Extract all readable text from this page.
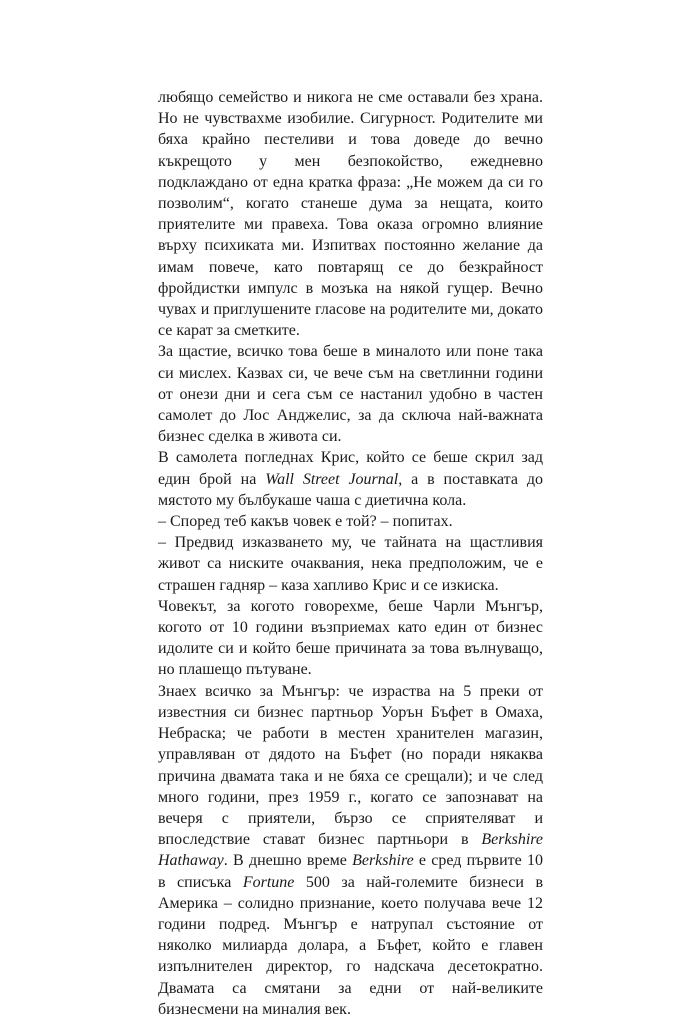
любящо семейство и никога не сме оставали без храна. Но не чувствахме изобилие. Сигурност. Родителите ми бяха крайно пестеливи и това доведе до вечно къкрещото у мен безпокойство, ежедневно подклаждано от една кратка фраза: „Не можем да си го позволим“, когато станеше дума за нещата, които приятелите ми правеха. Това оказа огромно влияние върху психиката ми. Изпитвах постоянно желание да имам повече, като повтарящ се до безкрайност фройдистки импулс в мозъка на някой гущер. Вечно чувах и приглушените гласове на родителите ми, докато се карат за сметките.

За щастие, всичко това беше в миналото или поне така си мислех. Казвах си, че вече съм на светлинни години от онези дни и сега съм се настанил удобно в частен самолет до Лос Анджелис, за да сключа най-важната бизнес сделка в живота си.

В самолета погледнах Крис, който се беше скрил зад един брой на Wall Street Journal, а в поставката до мястото му бълбукаше чаша с диетична кола.

– Според теб какъв човек е той? – попитах.

– Предвид изказването му, че тайната на щастливия живот са ниските очаквания, нека предположим, че е страшен гадняр – каза хапливо Крис и се изкиска.

Човекът, за когото говорехме, беше Чарли Мънгър, когото от 10 години възприемах като един от бизнес идолите си и който беше причината за това вълнуващо, но плашещо пътуване.

Знаех всичко за Мънгър: че израства на 5 преки от известния си бизнес партньор Уорън Бъфет в Омаха, Небраска; че работи в местен хранителен магазин, управляван от дядото на Бъфет (но поради някаква причина двамата така и не бяха се срещали); и че след много години, през 1959 г., когато се запознават на вечеря с приятели, бързо се сприятеляват и впоследствие стават бизнес партньори в Berkshire Hathaway. В днешно време Berkshire е сред първите 10 в списъка Fortune 500 за най-големите бизнеси в Америка – солидно признание, което получава вече 12 години подред. Мънгър е натрупал състояние от няколко милиарда долара, а Бъфет, който е главен изпълнителен директор, го надскача десетократно. Двамата са смятани за едни от най-великите бизнесмени на миналия век.
